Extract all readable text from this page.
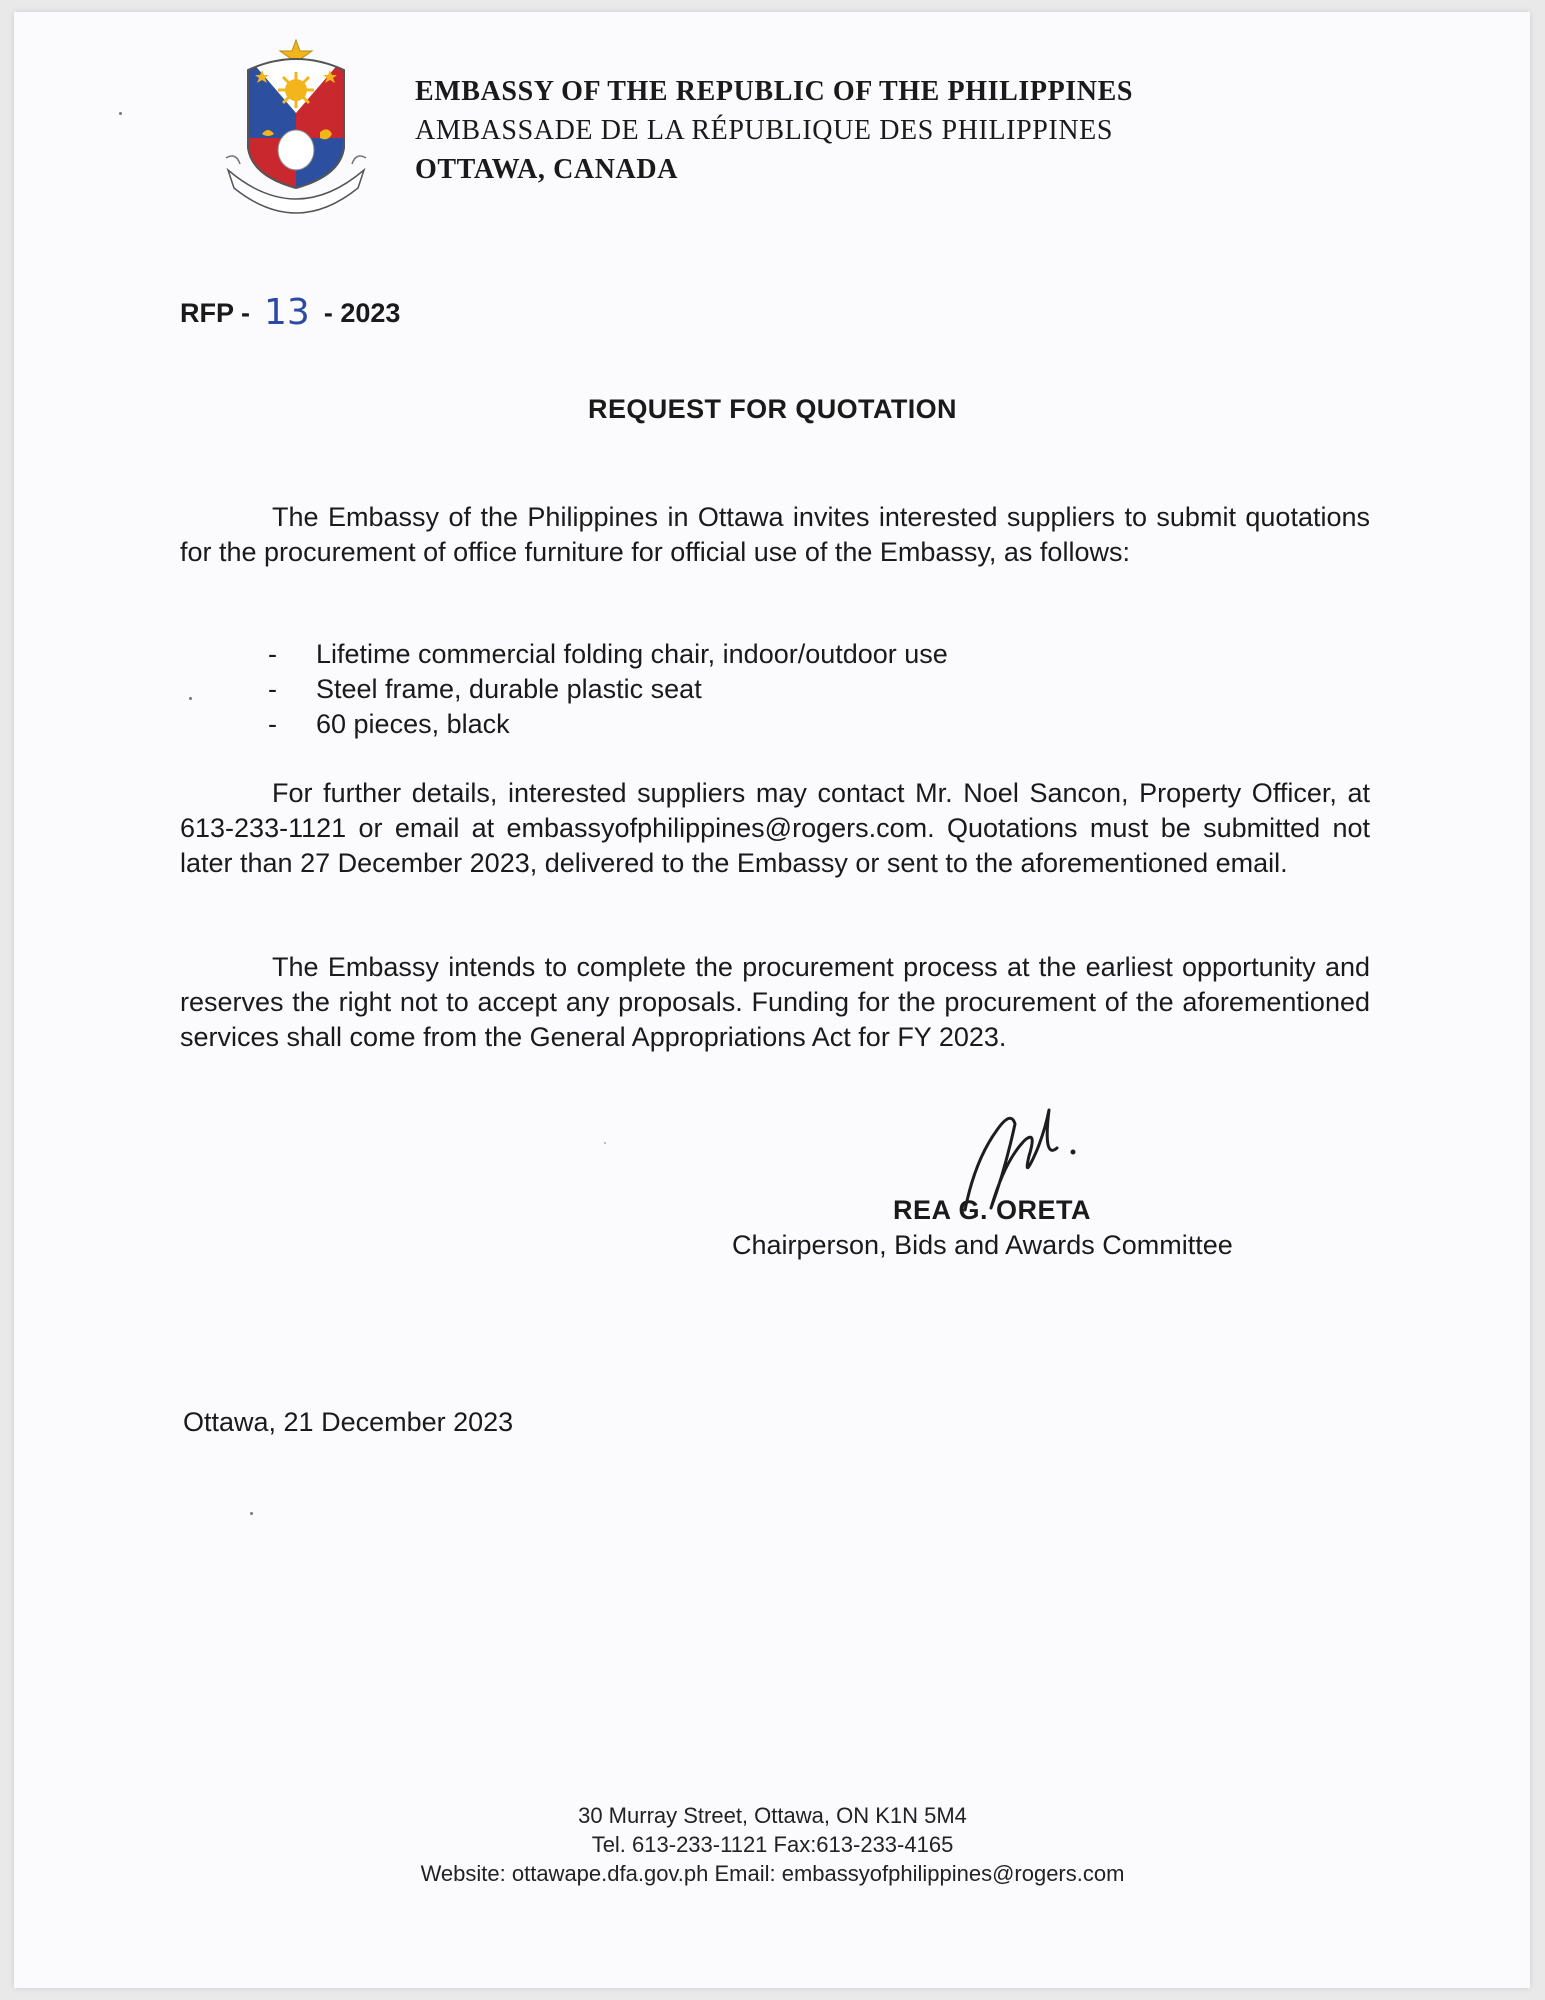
EMBASSY OF THE REPUBLIC OF THE PHILIPPINES
AMBASSADE DE LA RÉPUBLIQUE DES PHILIPPINES
OTTAWA, CANADA
RFP - 13 - 2023
REQUEST FOR QUOTATION
The Embassy of the Philippines in Ottawa invites interested suppliers to submit quotations for the procurement of office furniture for official use of the Embassy, as follows:
- Lifetime commercial folding chair, indoor/outdoor use
- Steel frame, durable plastic seat
- 60 pieces, black
For further details, interested suppliers may contact Mr. Noel Sancon, Property Officer, at 613-233-1121 or email at embassyofphilippines@rogers.com. Quotations must be submitted not later than 27 December 2023, delivered to the Embassy or sent to the aforementioned email.
The Embassy intends to complete the procurement process at the earliest opportunity and reserves the right not to accept any proposals. Funding for the procurement of the aforementioned services shall come from the General Appropriations Act for FY 2023.
REA G. ORETA
Chairperson, Bids and Awards Committee
Ottawa, 21 December 2023
30 Murray Street, Ottawa, ON K1N 5M4
Tel. 613-233-1121 Fax:613-233-4165
Website: ottawape.dfa.gov.ph Email: embassyofphilippines@rogers.com
